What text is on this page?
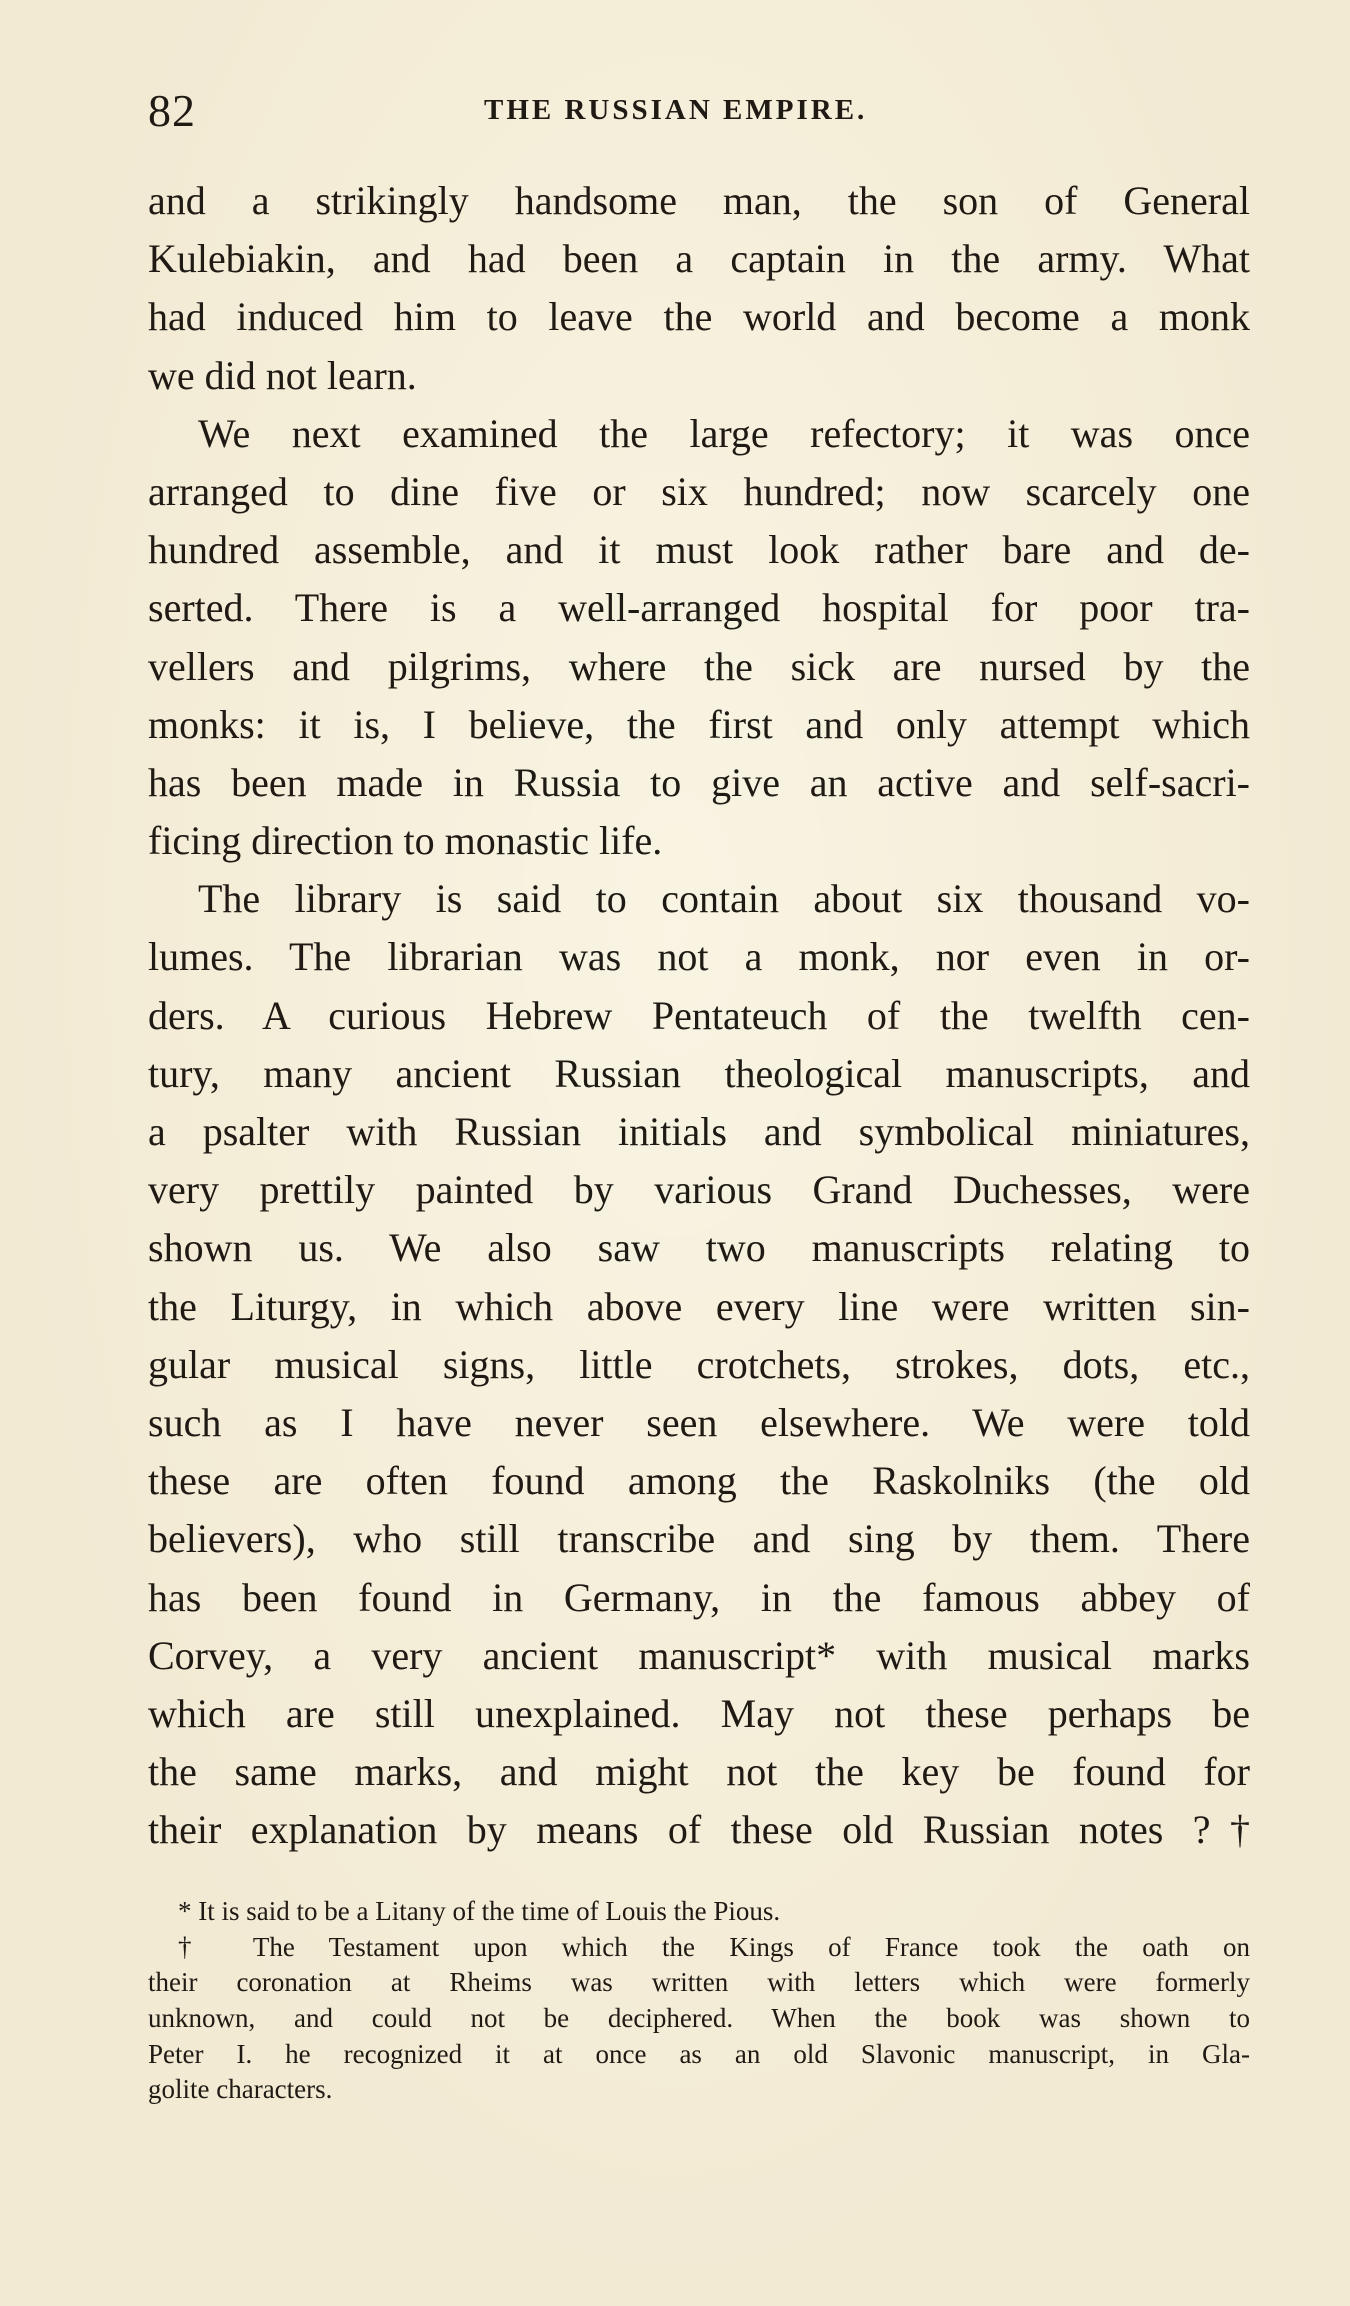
82	THE RUSSIAN EMPIRE.
and a strikingly handsome man, the son of General
Kulebiakin, and had been a captain in the army. What
had induced him to leave the world and become a monk
we did not learn.
We next examined the large refectory; it was once
arranged to dine five or six hundred; now scarcely one
hundred assemble, and it must look rather bare and de-
serted. There is a well-arranged hospital for poor tra-
vellers and pilgrims, where the sick are nursed by the
monks: it is, I believe, the first and only attempt which
has been made in Russia to give an active and self-sacri-
ficing direction to monastic life.
The library is said to contain about six thousand vo-
lumes. The librarian was not a monk, nor even in or-
ders. A curious Hebrew Pentateuch of the twelfth cen-
tury, many ancient Russian theological manuscripts, and
a psalter with Russian initials and symbolical miniatures,
very prettily painted by various Grand Duchesses, were
shown us. We also saw two manuscripts relating to
the Liturgy, in which above every line were written sin-
gular musical signs, little crotchets, strokes, dots, etc.,
such as I have never seen elsewhere. We were told
these are often found among the Raskolniks (the old
believers), who still transcribe and sing by them. There
has been found in Germany, in the famous abbey of
Corvey, a very ancient manuscript* with musical marks
which are still unexplained. May not these perhaps be
the same marks, and might not the key be found for
their explanation by means of these old Russian notes ?†
* It is said to be a Litany of the time of Louis the Pious.
† The Testament upon which the Kings of France took the oath on
their coronation at Rheims was written with letters which were formerly
unknown, and could not be deciphered. When the book was shown to
Peter I. he recognized it at once as an old Slavonic manuscript, in Gla-
golite characters.
